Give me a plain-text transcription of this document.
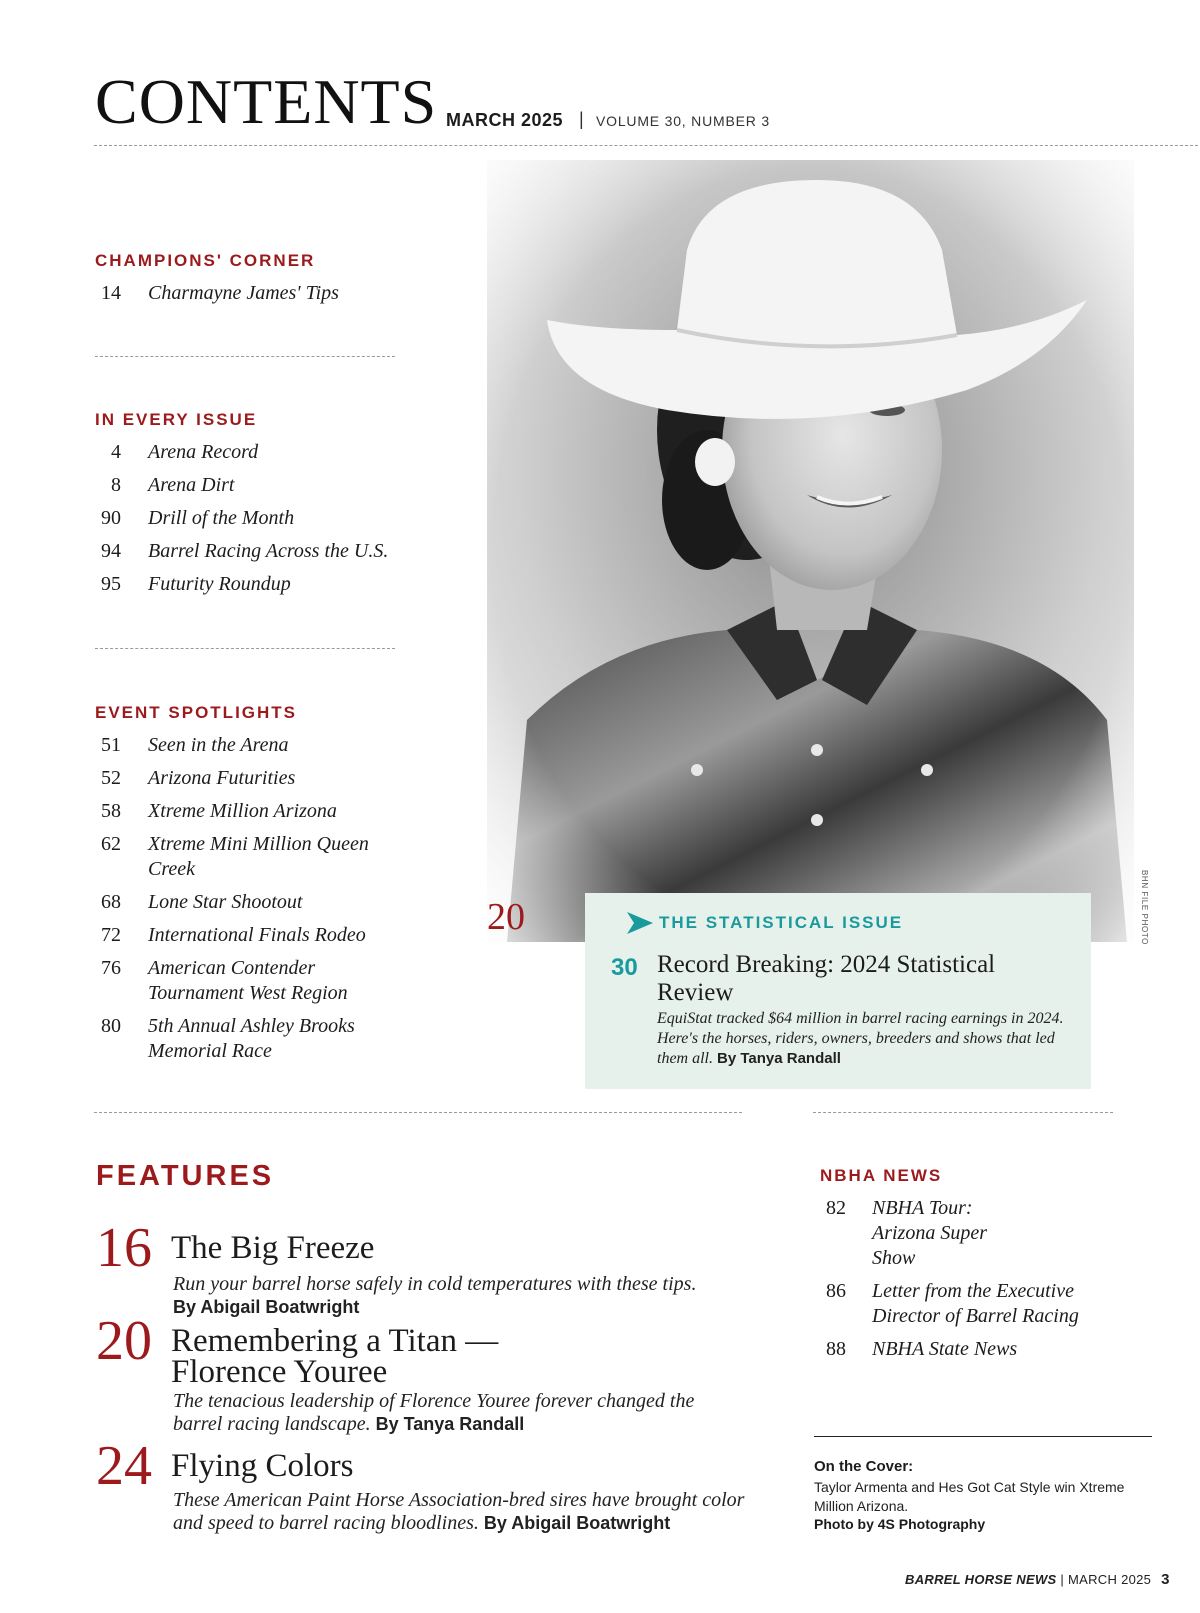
CONTENTS MARCH 2025 | VOLUME 30, NUMBER 3
CHAMPIONS' CORNER
14 Charmayne James' Tips
IN EVERY ISSUE
4 Arena Record
8 Arena Dirt
90 Drill of the Month
94 Barrel Racing Across the U.S.
95 Futurity Roundup
EVENT SPOTLIGHTS
51 Seen in the Arena
52 Arizona Futurities
58 Xtreme Million Arizona
62 Xtreme Mini Million Queen Creek
68 Lone Star Shootout
72 International Finals Rodeo
76 American Contender Tournament West Region
80 5th Annual Ashley Brooks Memorial Race
BHN FILE PHOTO
20	THE STATISTICAL ISSUE
30 Record Breaking: 2024 Statistical Review
EquiStat tracked $64 million in barrel racing earnings in 2024. Here's the horses, riders, owners, breeders and shows that led them all. By Tanya Randall
FEATURES
16 The Big Freeze
Run your barrel horse safely in cold temperatures with these tips.
By Abigail Boatwright
20 Remembering a Titan — Florence Youree
The tenacious leadership of Florence Youree forever changed the barrel racing landscape. By Tanya Randall
24 Flying Colors
These American Paint Horse Association-bred sires have brought color and speed to barrel racing bloodlines. By Abigail Boatwright
NBHA NEWS
82 NBHA Tour: Arizona Super Show
86 Letter from the Executive Director of Barrel Racing
88 NBHA State News
On the Cover:
Taylor Armenta and Hes Got Cat Style win Xtreme Million Arizona.
Photo by 4S Photography
BARREL HORSE NEWS | MARCH 2025 3
